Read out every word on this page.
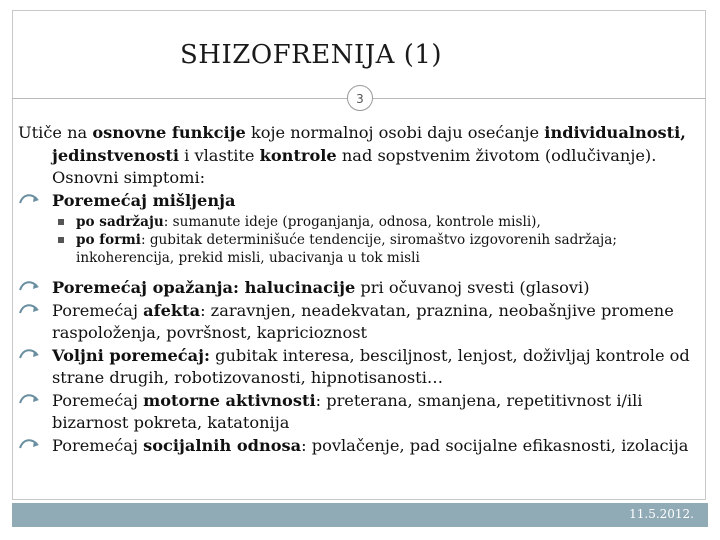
SHIZOFRENIJA (1)
3

Utiče na osnovne funkcije koje normalnoj osobi daju osećanje individualnosti, jedinstvenosti i vlastite kontrole nad sopstvenim životom (odlučivanje). Osnovni simptomi:

Poremećaj mišljenja

po sadržaju: sumanute ideje (proganjanja, odnosa, kontrole misli),
po formi: gubitak determinišuće tendencije, siromaštvo izgovorenih sadržaja; inkoherencija, prekid misli, ubacivanja u tok misli

Poremećaj opažanja: halucinacije pri očuvanoj svesti (glasovi)

Poremećaj afekta: zaravnjen, neadekvatan, praznina, neobašnjive promene raspoloženja, površnost, kapricioznost

Voljni poremećaj: gubitak interesa, besciljnost, lenjost, doživljaj kontrole od strane drugih, robotizovanosti, hipnotisanosti…

Poremećaj motorne aktivnosti: preterana, smanjena, repetitivnost i/ili bizarnost pokreta, katatonija

Poremećaj socijalnih odnosa: povlačenje, pad socijalne efikasnosti, izolacija

11.5.2012.
